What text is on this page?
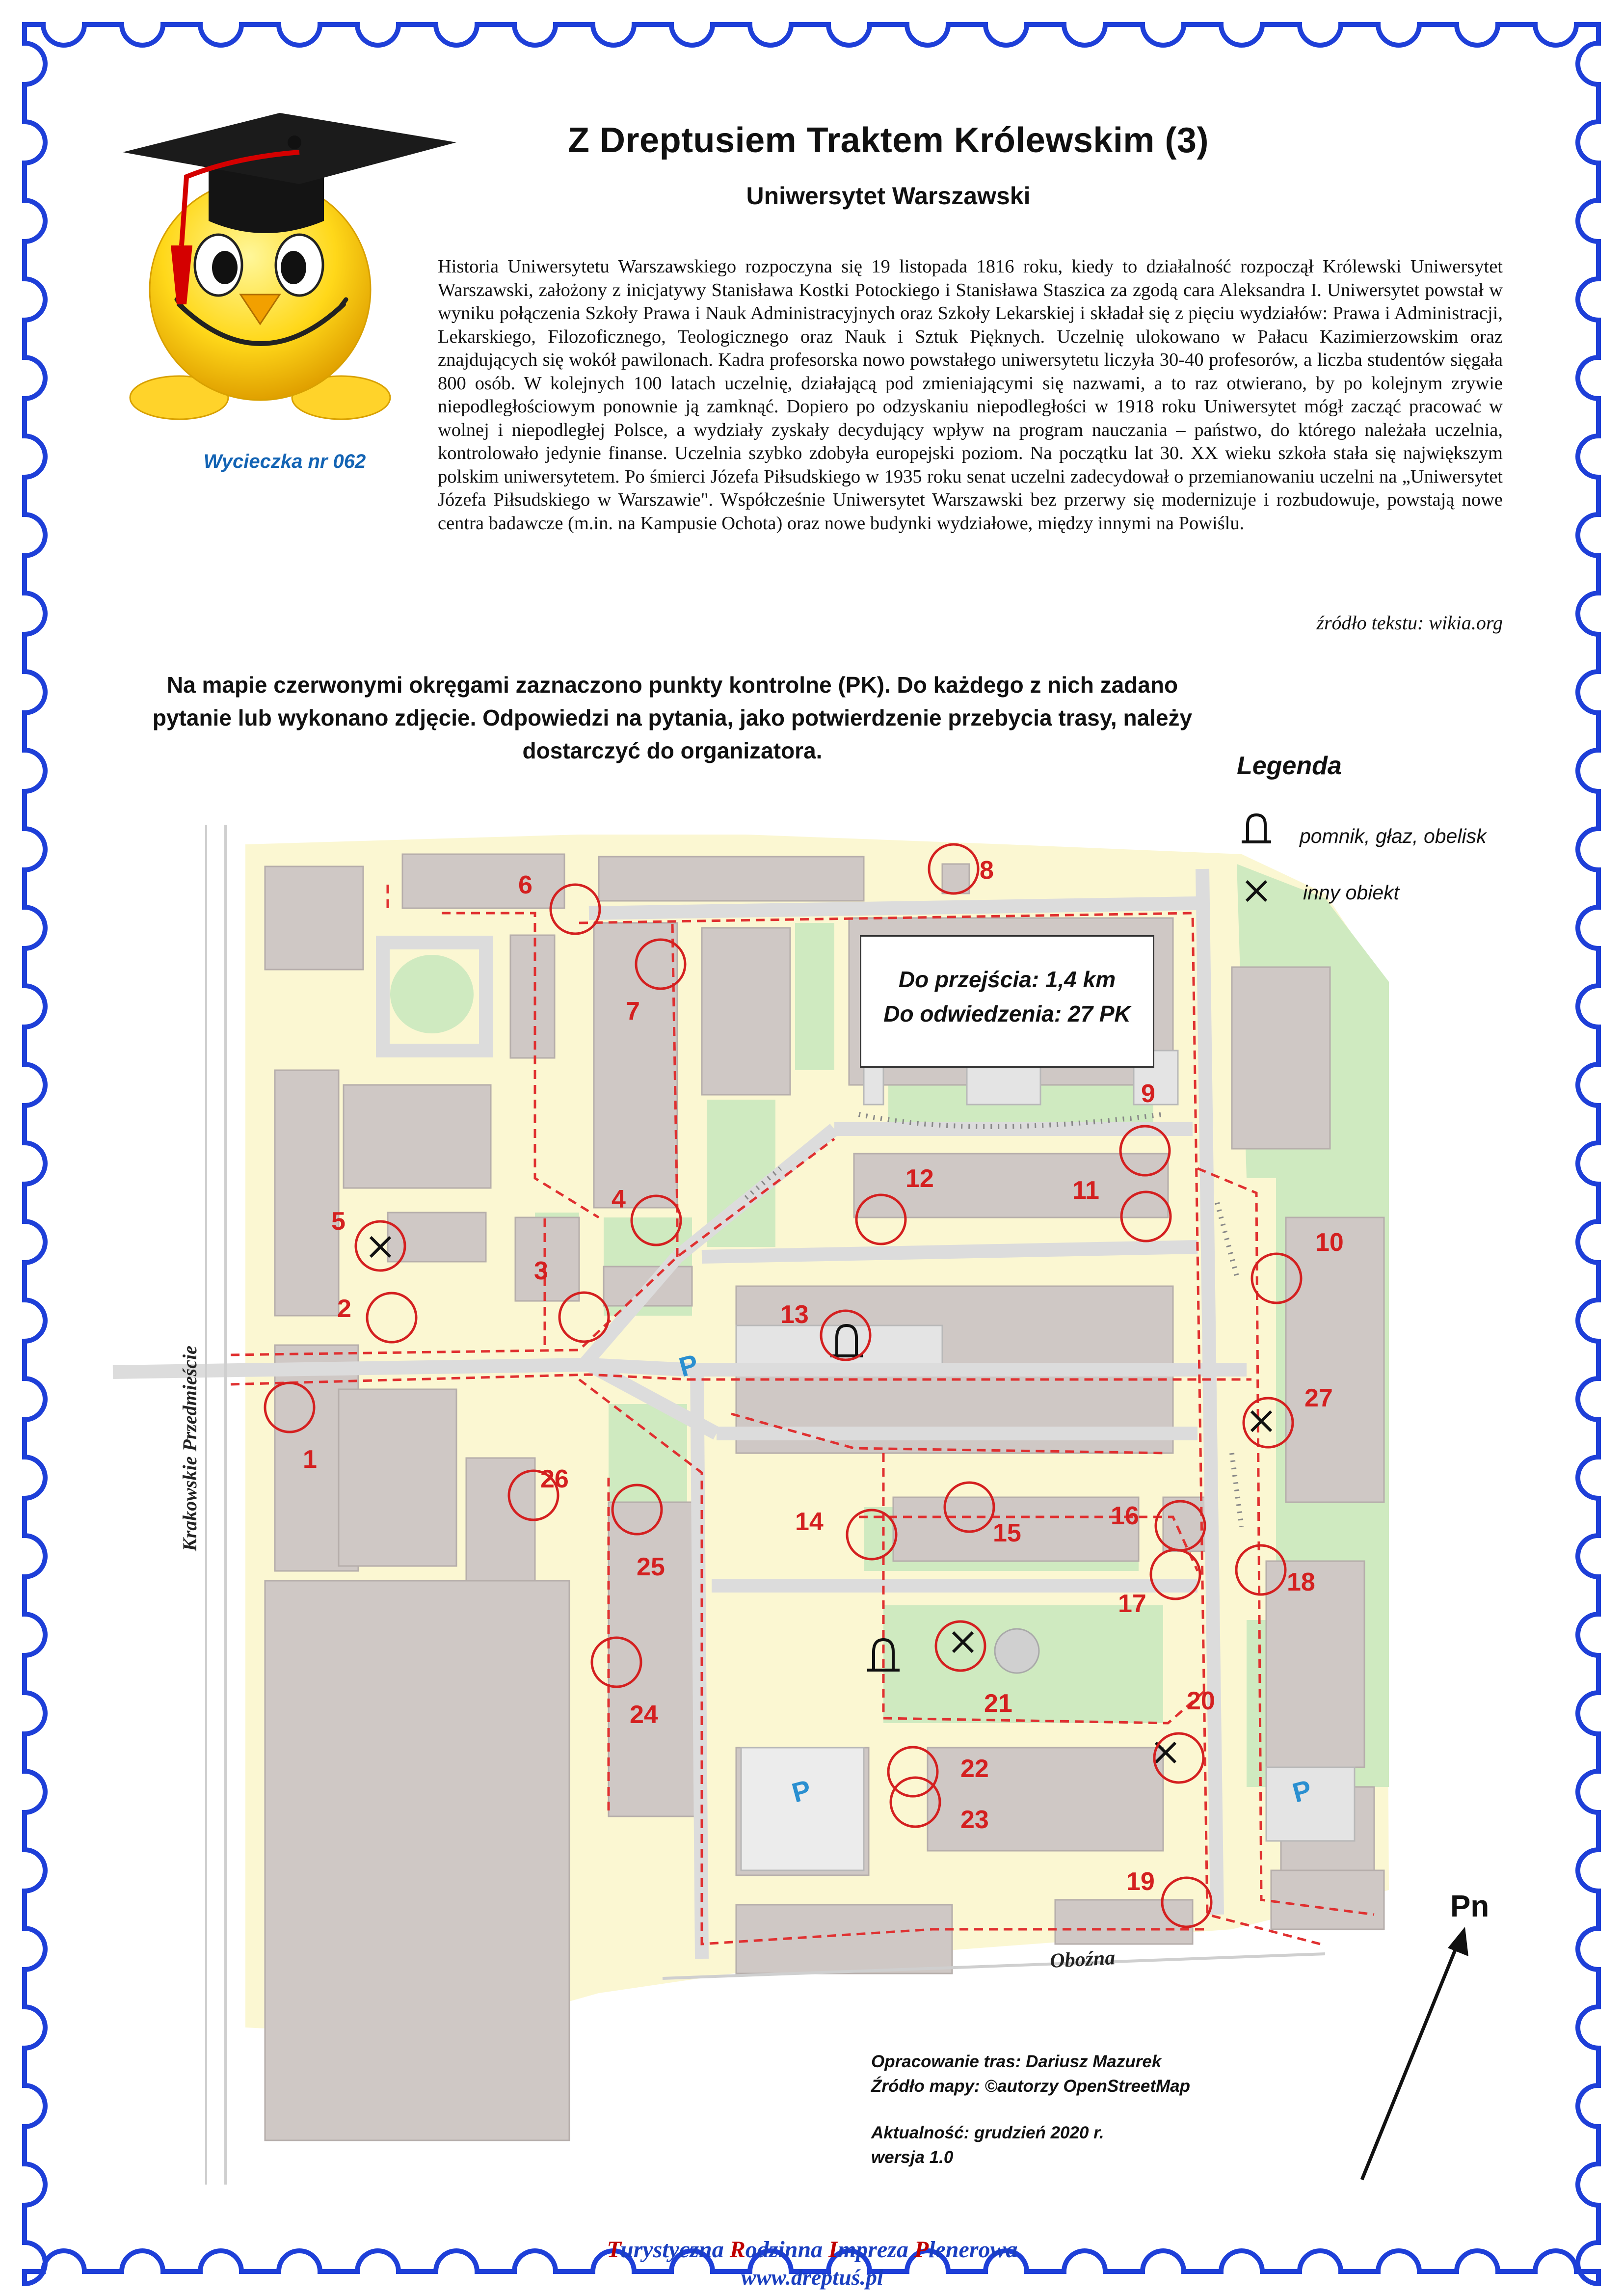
P
P	P
1
2
3
4
5
6
7
8
9
10
11
12
13
14	15
16
17
18
19
20
21
22
23
24
25
26
27
Krakowskie Przedmieście
Oboźna
Wycieczka nr 062
Z Dreptusiem Traktem Królewskim (3)
Uniwersytet Warszawski
Historia Uniwersytetu Warszawskiego rozpoczyna się 19 listopada 1816 roku, kiedy to działalność rozpoczął Królewski Uniwersytet Warszawski, założony z inicjatywy Stanisława Kostki Potockiego i Stanisława Staszica za zgodą cara Aleksandra I. Uniwersytet powstał w wyniku połączenia Szkoły Prawa i Nauk Administracyjnych oraz Szkoły Lekarskiej i składał się z pięciu wydziałów: Prawa i Administracji, Lekarskiego, Filozoficznego, Teologicznego oraz Nauk i Sztuk Pięknych. Uczelnię ulokowano w Pałacu Kazimierzowskim oraz znajdujących się wokół pawilonach. Kadra profesorska nowo powstałego uniwersytetu liczyła 30-40 profesorów, a liczba studentów sięgała 800 osób. W kolejnych 100 latach uczelnię, działającą pod zmieniającymi się nazwami, a to raz otwierano, by po kolejnym zrywie niepodległościowym ponownie ją zamknąć. Dopiero po odzyskaniu niepodległości w 1918 roku Uniwersytet mógł zacząć pracować w wolnej i niepodległej Polsce, a wydziały zyskały decydujący wpływ na program nauczania – państwo, do którego należała uczelnia, kontrolowało jedynie finanse. Uczelnia szybko zdobyła europejski poziom. Na początku lat 30. XX wieku szkoła stała się największym polskim uniwersytetem. Po śmierci Józefa Piłsudskiego w 1935 roku senat uczelni zadecydował o przemianowaniu uczelni na „Uniwersytet Józefa Piłsudskiego w Warszawie". Współcześnie Uniwersytet Warszawski bez przerwy się modernizuje i rozbudowuje, powstają nowe centra badawcze (m.in. na Kampusie Ochota) oraz nowe budynki wydziałowe, między innymi na Powiślu.
źródło tekstu: wikia.org
Na mapie czerwonymi okręgami zaznaczono punkty kontrolne (PK). Do każdego z nich zadano pytanie lub wykonano zdjęcie. Odpowiedzi na pytania, jako potwierdzenie przebycia trasy, należy dostarczyć do organizatora.
Legenda
pomnik, głaz, obelisk
inny obiekt
Do przejścia: 1,4 km
Do odwiedzenia: 27 PK
Pn
Opracowanie tras: Dariusz Mazurek
Źródło mapy: ©autorzy OpenStreetMap
Aktualność: grudzień 2020 r.
wersja 1.0
Turystyczna Rodzinna Impreza Plenerowa
www.dreptuś.pl
